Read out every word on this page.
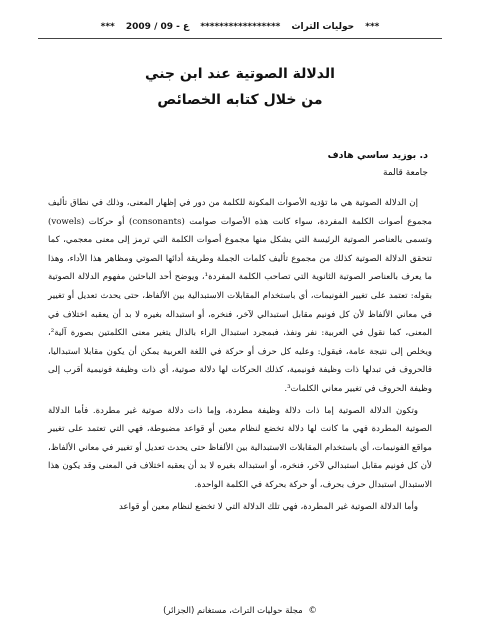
*** حوليات التراث ***************** ع - 09 / 2009 ***
الدلالة الصوتية عند ابن جني
من خلال كتابه الخصائص
د. بوزيد ساسي هادف
جامعة قالمة

إن الدلالة الصوتية هي ما تؤديه الأصوات المكونة للكلمة من دور في إظهار المعنى، وذلك في نطاق تأليف مجموع أصوات الكلمة المفردة، سواء كانت هذه الأصوات صوامت (consonants) أو حركات (vowels) وتسمى بالعناصر الصوتية الرئيسة التي يشكل منها مجموع أصوات الكلمة التي ترمز إلى معنى معجمي، كما تتحقق الدلالة الصوتية كذلك من مجموع تأليف كلمات الجملة وطريقة أدائها الصوتي ومظاهر هذا الأداء، وهذا ما يعرف بالعناصر الصوتية الثانوية التي تصاحب الكلمة المفردة¹، ويوضح أحد الباحثين مفهوم الدلالة الصوتية بقوله: تعتمد على تغيير الفونيمات، أي باستخدام المقابلات الاستبدالية بين الألفاظ، حتى يحدث تعديل أو تغيير في معاني الألفاظ لأن كل فونيم مقابل استبدالي لآخر، فنخره، أو استبداله بغيره لا بد أن يعقبه اختلاف في المعنى، كما نقول في العربية: نفر ونفذ، فبمجرد استبدال الراء بالذال يتغير معنى الكلمتين بصورة آلية²، ويخلص إلى نتيجة عامة، فيقول: وعليه كل حرف أو حركة في اللغة العربية يمكن أن يكون مقابلا استبداليا، فالحروف في تبدلها ذات وظيفة فونيمية، كذلك الحركات لها دلالة صوتية، أي ذات وظيفة فونيمية أقرب إلى وظيفة الحروف في تغيير معاني الكلمات³.

وتكون الدلالة الصوتية إما ذات دلالة وظيفة مطردة، وإما ذات دلالة صوتية غير مطردة. فأما الدلالة الصوتية المطردة فهي ما كانت لها دلالة تخضع لنظام معين أو قواعد مضبوطة، فهي التي تعتمد على تغيير مواقع الفونيمات، أي باستخدام المقابلات الاستبدالية بين الألفاظ حتى يحدث تعديل أو تغيير في معاني الألفاظ، لأن كل فونيم مقابل استبدالي لآخر، فنخره، أو استبداله بغيره لا بد أن يعقبه اختلاف في المعنى وقد يكون هذا الاستبدال استبدال حرف بحرف، أو حركة بحركة في الكلمة الواحدة.

وأما الدلالة الصوتية غير المطردة، فهي تلك الدلالة التي لا تخضع لنظام معين أو قواعد

© مجلة حوليات التراث، مستغانم (الجزائر)
